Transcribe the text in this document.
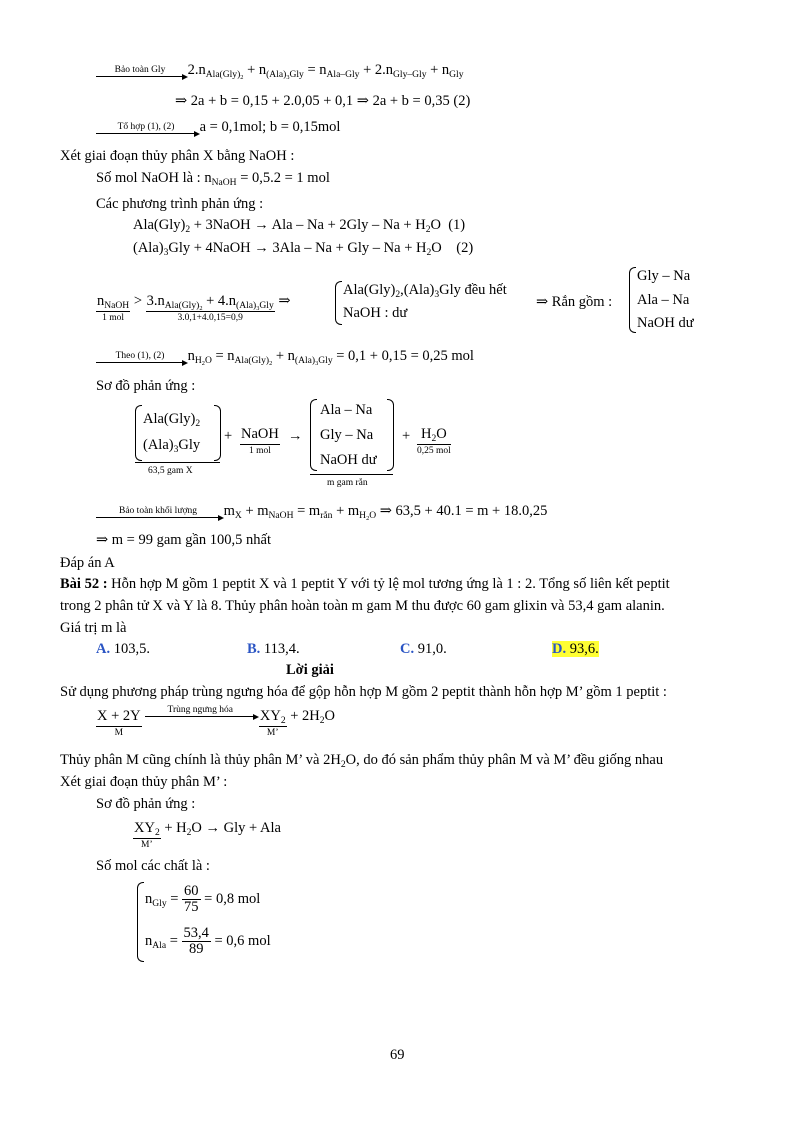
Bảo toàn Gly	$2.n_{Ala(Gly)_2} + n_{(Ala)_3Gly} = n_{Ala-Gly} + 2.n_{Gly-Gly} + n_{Gly}$
⇒ 2a + b = 0,15 + 2.0,05 + 0,1 ⇒ 2a + b = 0,35 (2)
Tổ hợp (1), (2)	a = 0,1mol; b = 0,15mol
Xét giai đoạn thủy phân X bằng NaOH :
Số mol NaOH là : $n_{NaOH} = 0,5.2 = 1$ mol
Các phương trình phản ứng :
$Ala(Gly)_2$ + 3NaOH → Ala – $Na + 2Gly - Na + H_2O$  (1)
$(Ala)_3Gly$ + 4NaOH → 3Ala – Na + Gly – $Na + H_2O$    (2)
$n_{NaOH}$
1 mol
> $3.n_{Ala(Gly)_2} + 4.n_{(Ala)_3Gly}$
3.0,1+4.0,15=0,9
⇒
$Ala(Gly)_2,(Ala)_3Gly$ đều hết
NaOH : dư
⇒ Rắn gồm :
Gly – Na
Ala – Na
NaOH dư
Theo (1), (2)	$n_{H_2O} = n_{Ala(Gly)_2} + n_{(Ala)_3Gly} = 0,1 + 0,15 = 0,25$ mol
Sơ đồ phản ứng :
$Ala(Gly)_2$
$(Ala)_3Gly$
63,5 gam X
+ NaOH
1 mol
→
Ala – Na
Gly – Na
NaOH dư
m gam rắn
+ $H_2O$
0,25 mol
Bảo toàn khối lượng	$m_X + m_{NaOH} = m_{rắn} + m_{H_2O}$ ⇒ 63,5 + 40.1 = m + 18.0,25
⇒ m = 99 gam gần 100,5 nhất
Đáp án A
Bài 52 : Hỗn hợp M gồm 1 peptit X và 1 peptit Y với tỷ lệ mol tương ứng là 1 : 2. Tổng số liên kết peptit
trong 2 phân tử X và Y là 8. Thủy phân hoàn toàn m gam M thu được 60 gam glixin và 53,4 gam alanin.
Giá trị m là
A. 103,5.	B. 113,4.	C. 91,0.	D. 93,6.
Lời giải
Sử dụng phương pháp trùng ngưng hóa để gộp hỗn hợp M gồm 2 peptit thành hỗn hợp M’ gồm 1 peptit :
X + 2Y
M

Trùng ngưng hóa
	$XY_2$
M’
+ $2H_2O$
Thủy phân M cũng chính là thủy phân M’ và $2H_2O$, do đó sản phẩm thủy phân M và M’ đều giống nhau
Xét giai đoạn thủy phân M’ :
Sơ đồ phản ứng :
$XY_2$
M’
+ $H_2O$ → Gly + Ala
Số mol các chất là :
$n_{Gly} = \frac{60}{75} = 0,8$ mol
$n_{Ala} = \frac{53,4}{89} = 0,6$ mol
69
